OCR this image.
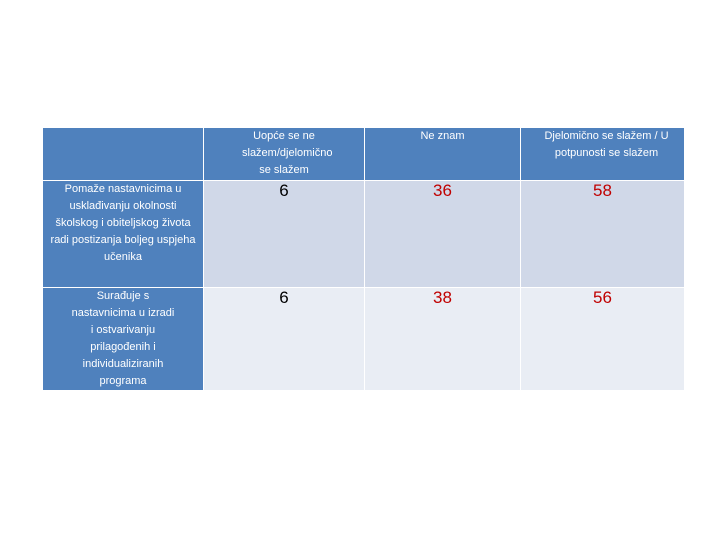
	Uopće se ne slažem/djelomično se slažem	Ne znam	Djelomično se slažem / U potpunosti se slažem
Pomaže nastavnicima u usklađivanju okolnosti školskog i obiteljskog života radi postizanja boljeg uspjeha učenika	6	36	58
Surađuje s nastavnicima u izradi i ostvarivanju prilagođenih i individualiziranih programa	6	38	56
